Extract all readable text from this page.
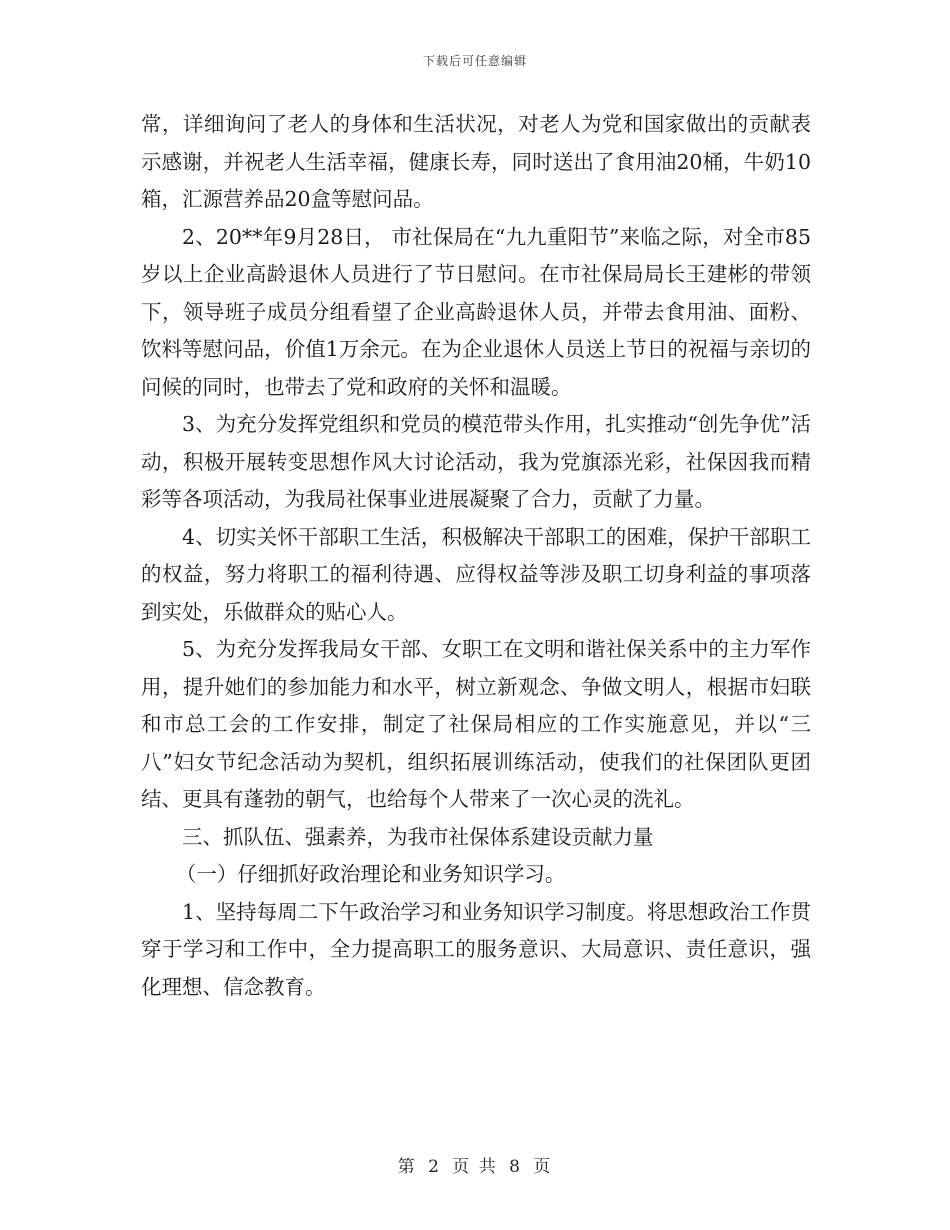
下载后可任意编辑

常，详细询问了老人的身体和生活状况，对老人为党和国家做出的贡献表示感谢，并祝老人生活幸福，健康长寿，同时送出了食用油20桶，牛奶10箱，汇源营养品20盒等慰问品。

2、20**年9月28日， 市社保局在“九九重阳节”来临之际，对全市85岁以上企业高龄退休人员进行了节日慰问。在市社保局局长王建彬的带领下，领导班子成员分组看望了企业高龄退休人员，并带去食用油、面粉、饮料等慰问品，价值1万余元。在为企业退休人员送上节日的祝福与亲切的问候的同时，也带去了党和政府的关怀和温暖。

3、为充分发挥党组织和党员的模范带头作用，扎实推动“创先争优”活动，积极开展转变思想作风大讨论活动，我为党旗添光彩，社保因我而精彩等各项活动，为我局社保事业进展凝聚了合力，贡献了力量。

4、切实关怀干部职工生活，积极解决干部职工的困难，保护干部职工的权益，努力将职工的福利待遇、应得权益等涉及职工切身利益的事项落到实处，乐做群众的贴心人。

5、为充分发挥我局女干部、女职工在文明和谐社保关系中的主力军作用，提升她们的参加能力和水平，树立新观念、争做文明人，根据市妇联和市总工会的工作安排，制定了社保局相应的工作实施意见，并以“三八”妇女节纪念活动为契机，组织拓展训练活动，使我们的社保团队更团结、更具有蓬勃的朝气，也给每个人带来了一次心灵的洗礼。

三、抓队伍、强素养，为我市社保体系建设贡献力量

（一）仔细抓好政治理论和业务知识学习。

1、坚持每周二下午政治学习和业务知识学习制度。将思想政治工作贯穿于学习和工作中，全力提高职工的服务意识、大局意识、责任意识，强化理想、信念教育。

第 2 页 共 8 页
